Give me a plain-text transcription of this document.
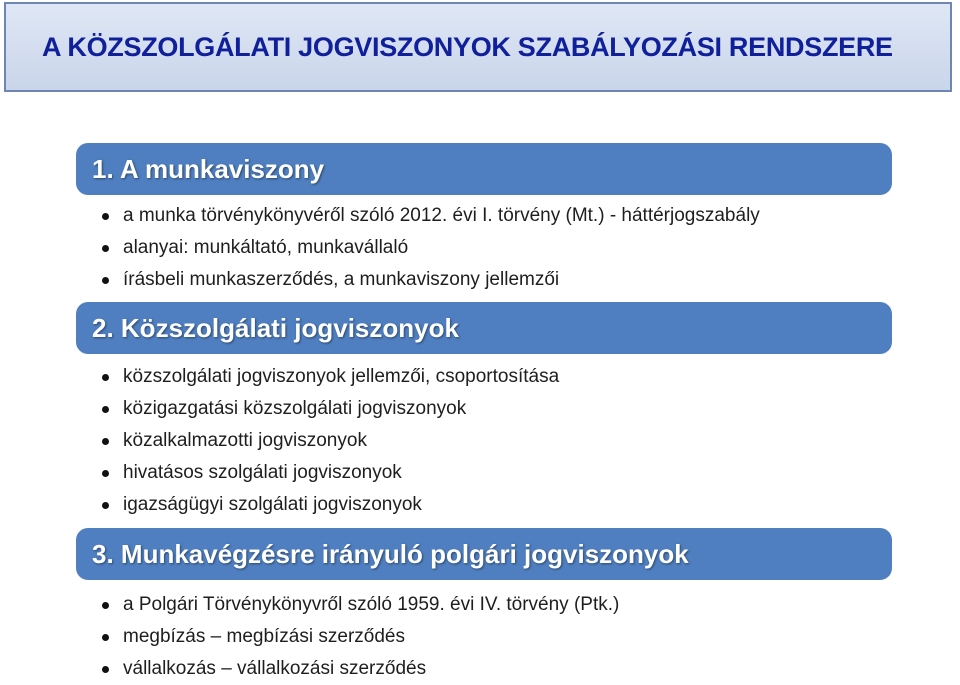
A KÖZSZOLGÁLATI JOGVISZONYOK SZABÁLYOZÁSI RENDSZERE
1. A munkaviszony
a munka törvénykönyvéről szóló 2012. évi I. törvény (Mt.) - háttérjogszabály
alanyai: munkáltató, munkavállaló
írásbeli munkaszerződés, a munkaviszony jellemzői
2. Közszolgálati jogviszonyok
közszolgálati jogviszonyok jellemzői, csoportosítása
közigazgatási közszolgálati jogviszonyok
közalkalmazotti jogviszonyok
hivatásos szolgálati jogviszonyok
igazságügyi szolgálati jogviszonyok
3. Munkavégzésre irányuló polgári jogviszonyok
a Polgári Törvénykönyvről szóló 1959. évi IV. törvény (Ptk.)
megbízás – megbízási szerződés
vállalkozás – vállalkozási szerződés
